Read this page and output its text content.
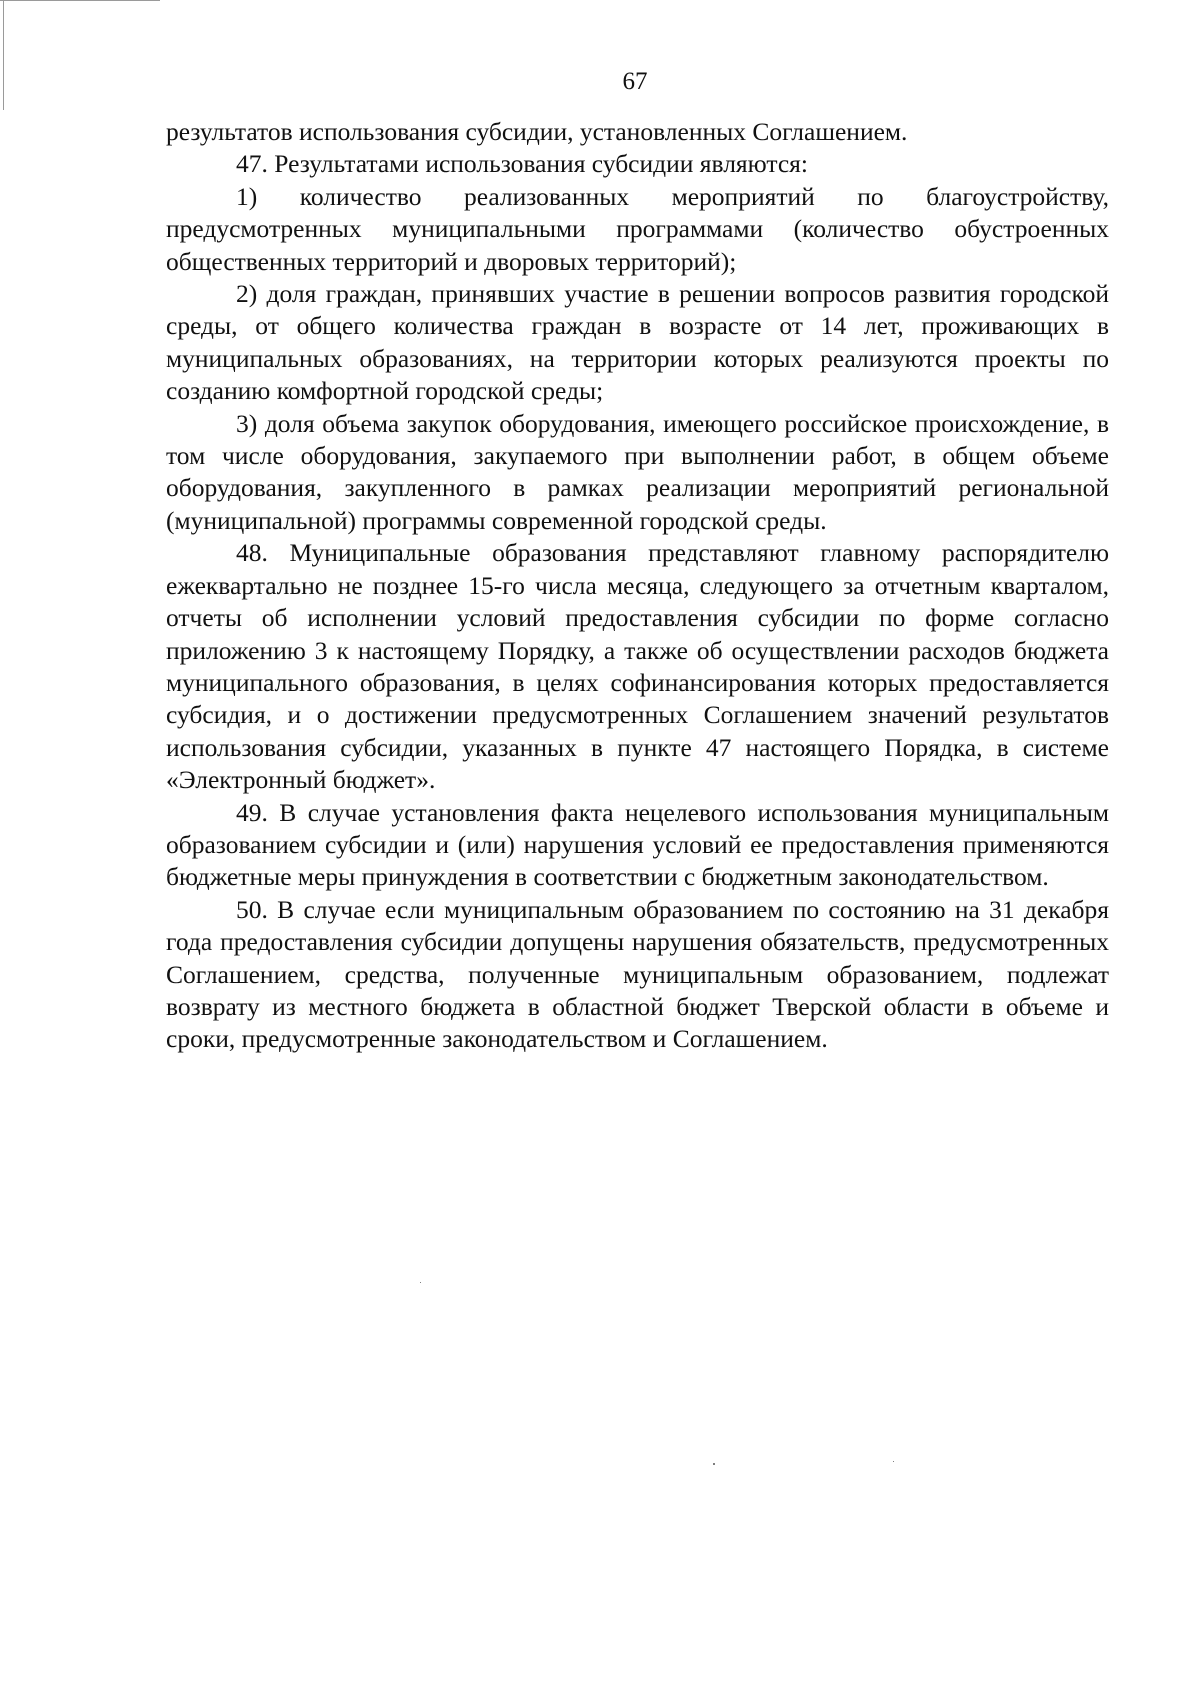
67

результатов использования субсидии, установленных Соглашением.

47. Результатами использования субсидии являются:

1) количество реализованных мероприятий по благоустройству, предусмотренных муниципальными программами (количество обустроенных общественных территорий и дворовых территорий);

2) доля граждан, принявших участие в решении вопросов развития городской среды, от общего количества граждан в возрасте от 14 лет, проживающих в муниципальных образованиях, на территории которых реализуются проекты по созданию комфортной городской среды;

3) доля объема закупок оборудования, имеющего российское происхождение, в том числе оборудования, закупаемого при выполнении работ, в общем объеме оборудования, закупленного в рамках реализации мероприятий региональной (муниципальной) программы современной городской среды.

48. Муниципальные образования представляют главному распорядителю ежеквартально не позднее 15-го числа месяца, следующего за отчетным кварталом, отчеты об исполнении условий предоставления субсидии по форме согласно приложению 3 к настоящему Порядку, а также об осуществлении расходов бюджета муниципального образования, в целях софинансирования которых предоставляется субсидия, и о достижении предусмотренных Соглашением значений результатов использования субсидии, указанных в пункте 47 настоящего Порядка, в системе «Электронный бюджет».

49. В случае установления факта нецелевого использования муниципальным образованием субсидии и (или) нарушения условий ее предоставления применяются бюджетные меры принуждения в соответствии с бюджетным законодательством.

50. В случае если муниципальным образованием по состоянию на 31 декабря года предоставления субсидии допущены нарушения обязательств, предусмотренных Соглашением, средства, полученные муниципальным образованием, подлежат возврату из местного бюджета в областной бюджет Тверской области в объеме и сроки, предусмотренные законодательством и Соглашением.
